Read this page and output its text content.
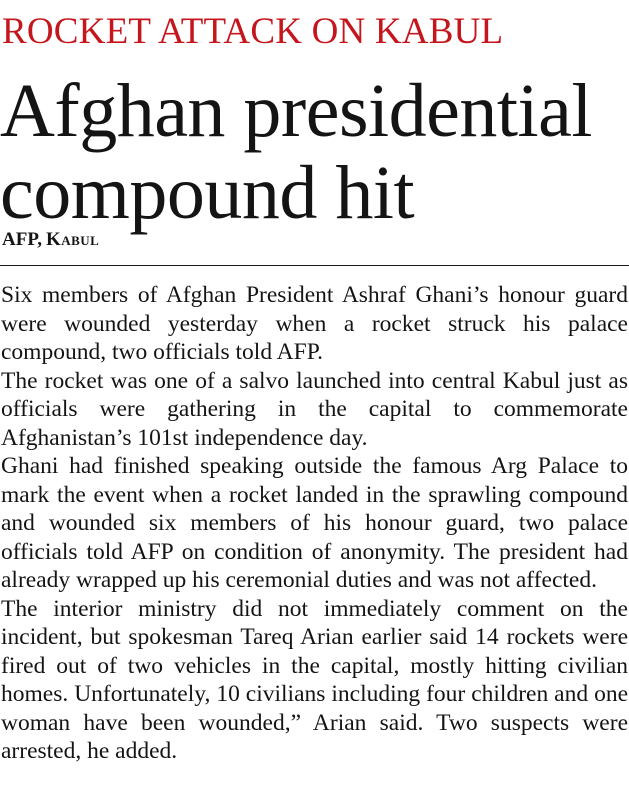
ROCKET ATTACK ON KABUL
Afghan presidential compound hit
AFP, Kabul

Six members of Afghan President Ashraf Ghani’s honour guard were wounded yesterday when a rocket struck his palace compound, two officials told AFP.

The rocket was one of a salvo launched into central Kabul just as officials were gathering in the capital to commemorate Afghanistan’s 101st independence day.

Ghani had finished speaking outside the famous Arg Palace to mark the event when a rocket landed in the sprawling compound and wounded six members of his honour guard, two palace officials told AFP on condition of anonymity. The president had already wrapped up his ceremonial duties and was not affected.

The interior ministry did not immediately comment on the incident, but spokesman Tareq Arian earlier said 14 rockets were fired out of two vehicles in the capital, mostly hitting civilian homes. Unfortunately, 10 civilians including four children and one woman have been wounded,” Arian said. Two suspects were arrested, he added.
